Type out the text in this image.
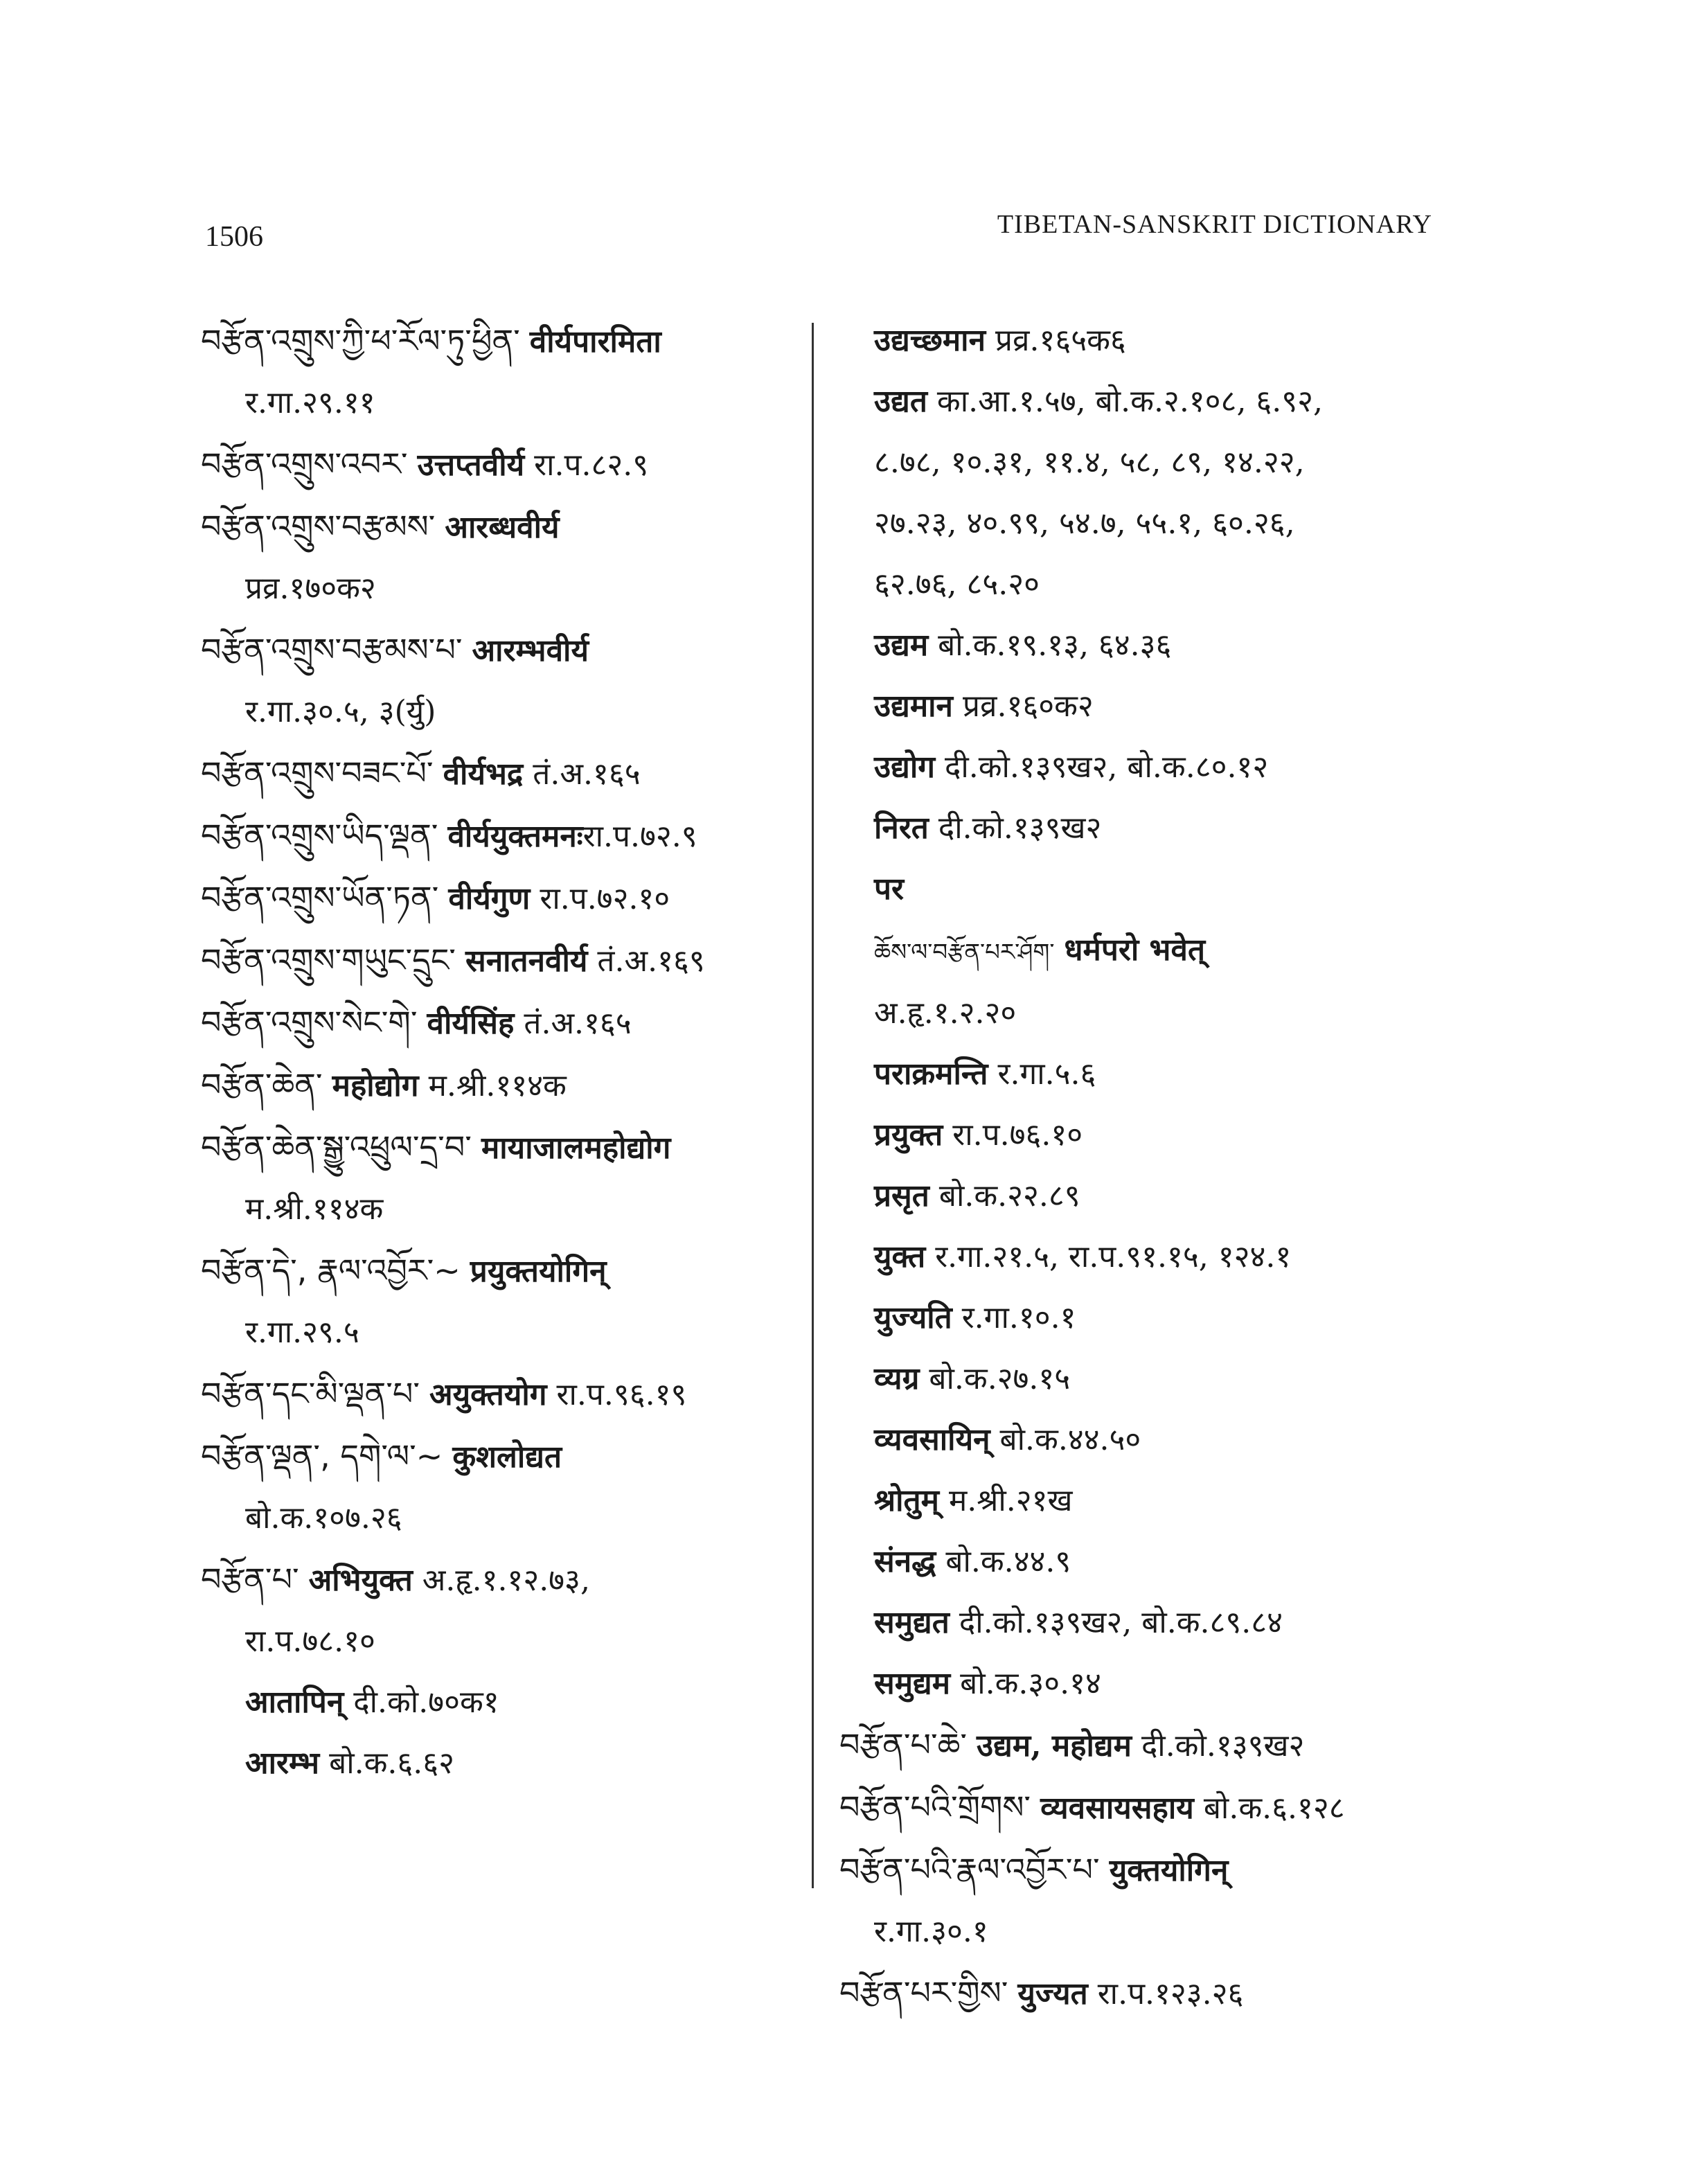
1506	TIBETAN-SANSKRIT DICTIONARY
བརྩོན་འགྲུས་ཀྱི་ཕ་རོལ་ཏུ་ཕྱིན་ वीर्यपारमिता
र.गा.२९.११
བརྩོན་འགྲུས་འབར་ उत्तप्तवीर्य रा.प.८२.९
བརྩོན་འགྲུས་བརྩམས་ आरब्धवीर्य
प्रव्र.१७०क२
བརྩོན་འགྲུས་བརྩམས་པ་ आरम्भवीर्य
र.गा.३०.५, ३(र्यु)
བརྩོན་འགྲུས་བཟང་པོ་ वीर्यभद्र तं.अ.१६५
བརྩོན་འགྲུས་ཡིད་ལྡན་ वीर्ययुक्तमनःरा.प.७२.९
བརྩོན་འགྲུས་ཡོན་ཏན་ वीर्यगुण रा.प.७२.१०
བརྩོན་འགྲུས་གཡུང་དྲུང་ सनातनवीर्य तं.अ.१६९
བརྩོན་འགྲུས་སེང་གེ་ वीर्यसिंह तं.अ.१६५
བརྩོན་ཆེན་ महोद्योग म.श्री.११४क
བརྩོན་ཆེན་སྒྱུ་འཕྲུལ་དྲ་བ་ मायाजालमहोद्योग
म.श्री.११४क
བརྩོན་དེ་, རྣལ་འབྱོར་~ प्रयुक्तयोगिन्
र.गा.२९.५
བརྩོན་དང་མི་ལྡན་པ་ अयुक्तयोग रा.प.९६.१९
བརྩོན་ལྡན་, དགེ་ལ་~ कुशलोद्यत
बो.क.१०७.२६
བརྩོན་པ་ अभियुक्त अ.हृ.१.१२.७३,
रा.प.७८.१०
आतापिन् दी.को.७०क१
आरम्भ बो.क.६.६२
उद्यच्छमान प्रव्र.१६५क६
उद्यत का.आ.१.५७, बो.क.२.१०८, ६.९२,
८.७८, १०.३१, ११.४, ५८, ८९, १४.२२,
२७.२३, ४०.९९, ५४.७, ५५.१, ६०.२६,
६२.७६, ८५.२०
उद्यम बो.क.१९.१३, ६४.३६
उद्यमान प्रव्र.१६०क२
उद्योग दी.को.१३९ख२, बो.क.८०.१२
निरत दी.को.१३९ख२
पर
ཆོས་ལ་བརྩོན་པར་ཤོག་ धर्मपरो भवेत्
अ.हृ.१.२.२०
पराक्रमन्ति र.गा.५.६
प्रयुक्त रा.प.७६.१०
प्रसृत बो.क.२२.८९
युक्त र.गा.२१.५, रा.प.९१.१५, १२४.१
युज्यति र.गा.१०.१
व्यग्र बो.क.२७.१५
व्यवसायिन् बो.क.४४.५०
श्रोतुम् म.श्री.२१ख
संनद्ध बो.क.४४.९
समुद्यत दी.को.१३९ख२, बो.क.८९.८४
समुद्यम बो.क.३०.१४
བརྩོན་པ་ཆེ་ उद्यम, महोद्यम दी.को.१३९ख२
བརྩོན་པའི་གྲོགས་ व्यवसायसहाय बो.क.६.१२८
བརྩོན་པའི་རྣལ་འབྱོར་པ་ युक्तयोगिन्
र.गा.३०.१
བརྩོན་པར་གྱིས་ युज्यत रा.प.१२३.२६
